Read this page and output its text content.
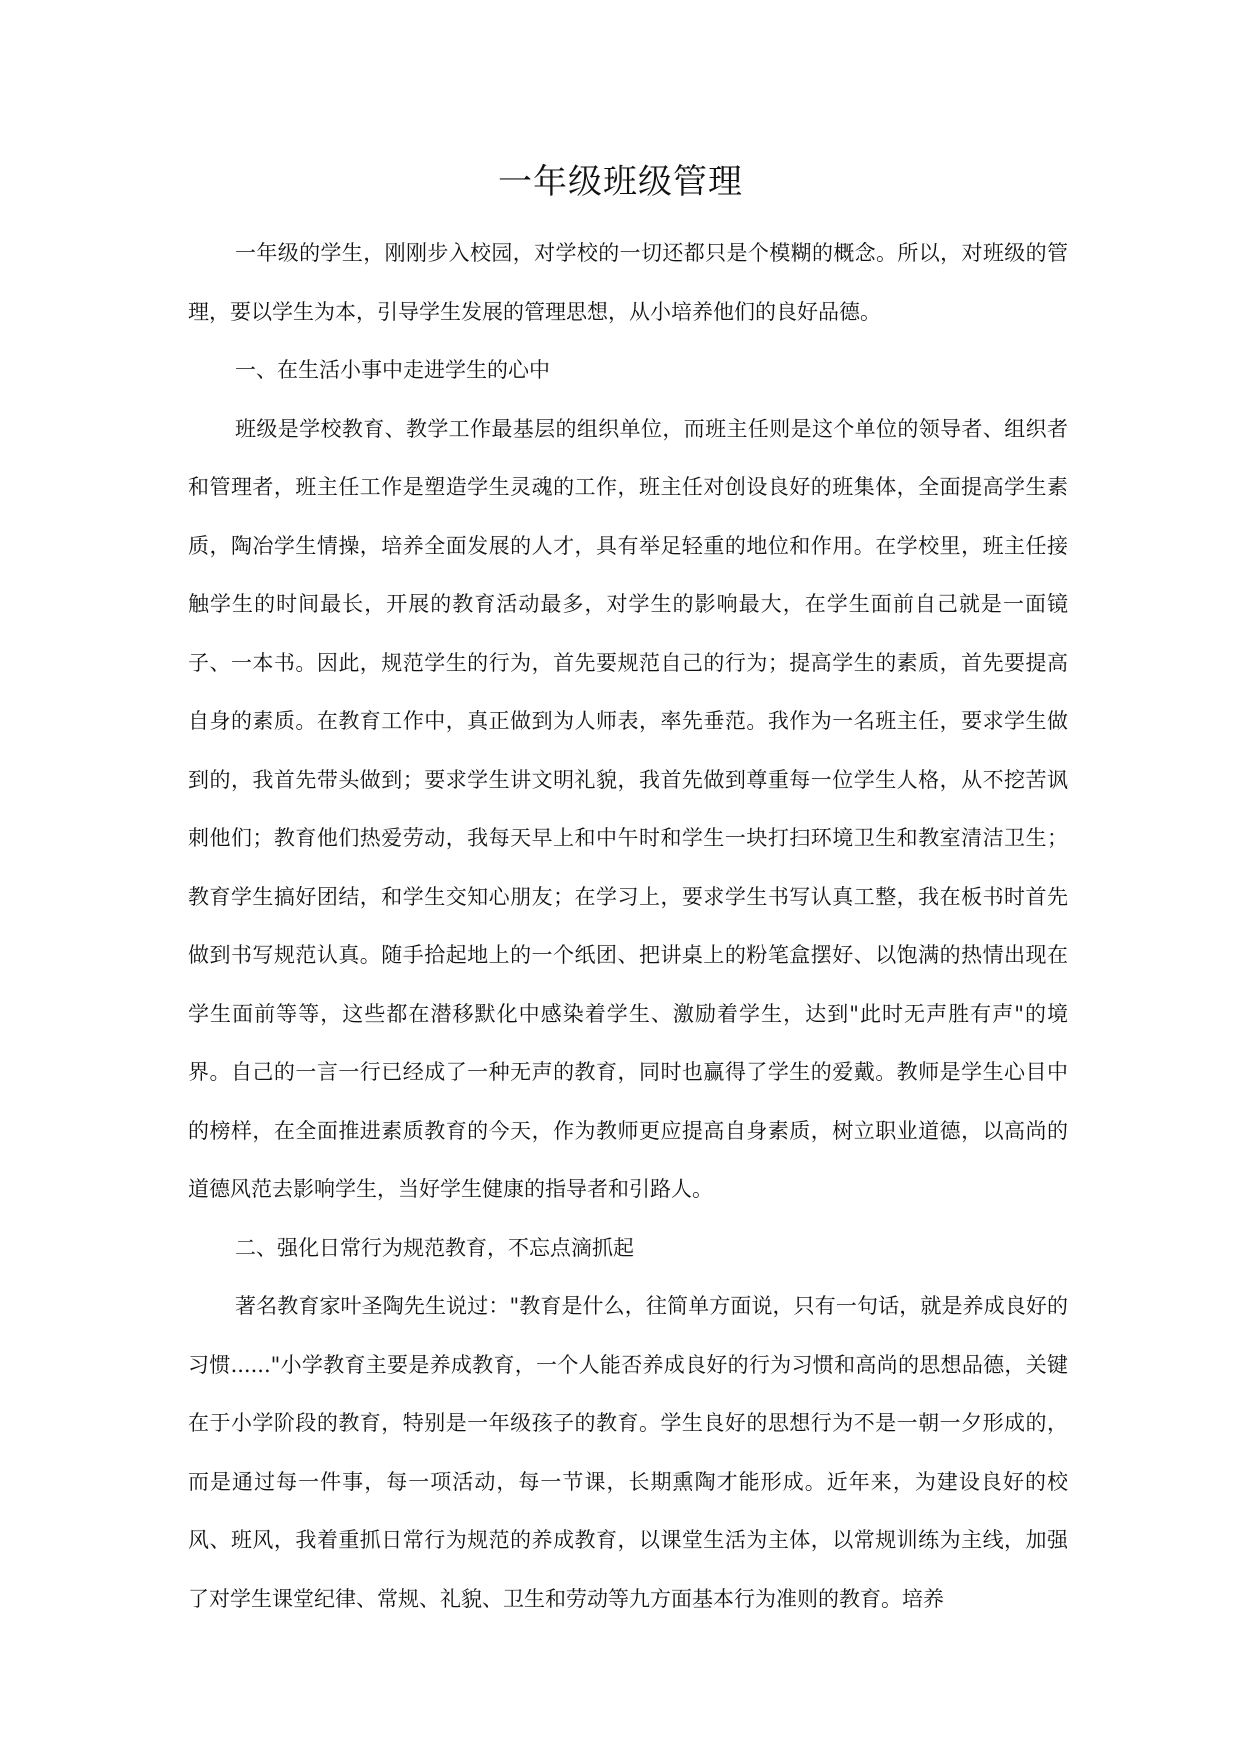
一年级班级管理

一年级的学生，刚刚步入校园，对学校的一切还都只是个模糊的概念。所以，对班级的管理，要以学生为本，引导学生发展的管理思想，从小培养他们的良好品德。

一、在生活小事中走进学生的心中

班级是学校教育、教学工作最基层的组织单位，而班主任则是这个单位的领导者、组织者和管理者，班主任工作是塑造学生灵魂的工作，班主任对创设良好的班集体，全面提高学生素质，陶冶学生情操，培养全面发展的人才，具有举足轻重的地位和作用。在学校里，班主任接触学生的时间最长，开展的教育活动最多，对学生的影响最大，在学生面前自己就是一面镜子、一本书。因此，规范学生的行为，首先要规范自己的行为；提高学生的素质，首先要提高自身的素质。在教育工作中，真正做到为人师表，率先垂范。我作为一名班主任，要求学生做到的，我首先带头做到；要求学生讲文明礼貌，我首先做到尊重每一位学生人格，从不挖苦讽刺他们；教育他们热爱劳动，我每天早上和中午时和学生一块打扫环境卫生和教室清洁卫生；教育学生搞好团结，和学生交知心朋友；在学习上，要求学生书写认真工整，我在板书时首先做到书写规范认真。随手拾起地上的一个纸团、把讲桌上的粉笔盒摆好、以饱满的热情出现在学生面前等等，这些都在潜移默化中感染着学生、激励着学生，达到"此时无声胜有声"的境界。自己的一言一行已经成了一种无声的教育，同时也赢得了学生的爱戴。教师是学生心目中的榜样，在全面推进素质教育的今天，作为教师更应提高自身素质，树立职业道德，以高尚的道德风范去影响学生，当好学生健康的指导者和引路人。

二、强化日常行为规范教育，不忘点滴抓起

著名教育家叶圣陶先生说过："教育是什么，往简单方面说，只有一句话，就是养成良好的习惯......"小学教育主要是养成教育，一个人能否养成良好的行为习惯和高尚的思想品德，关键在于小学阶段的教育，特别是一年级孩子的教育。学生良好的思想行为不是一朝一夕形成的，而是通过每一件事，每一项活动，每一节课，长期熏陶才能形成。近年来，为建设良好的校风、班风，我着重抓日常行为规范的养成教育，以课堂生活为主体，以常规训练为主线，加强了对学生课堂纪律、常规、礼貌、卫生和劳动等九方面基本行为准则的教育。培养
